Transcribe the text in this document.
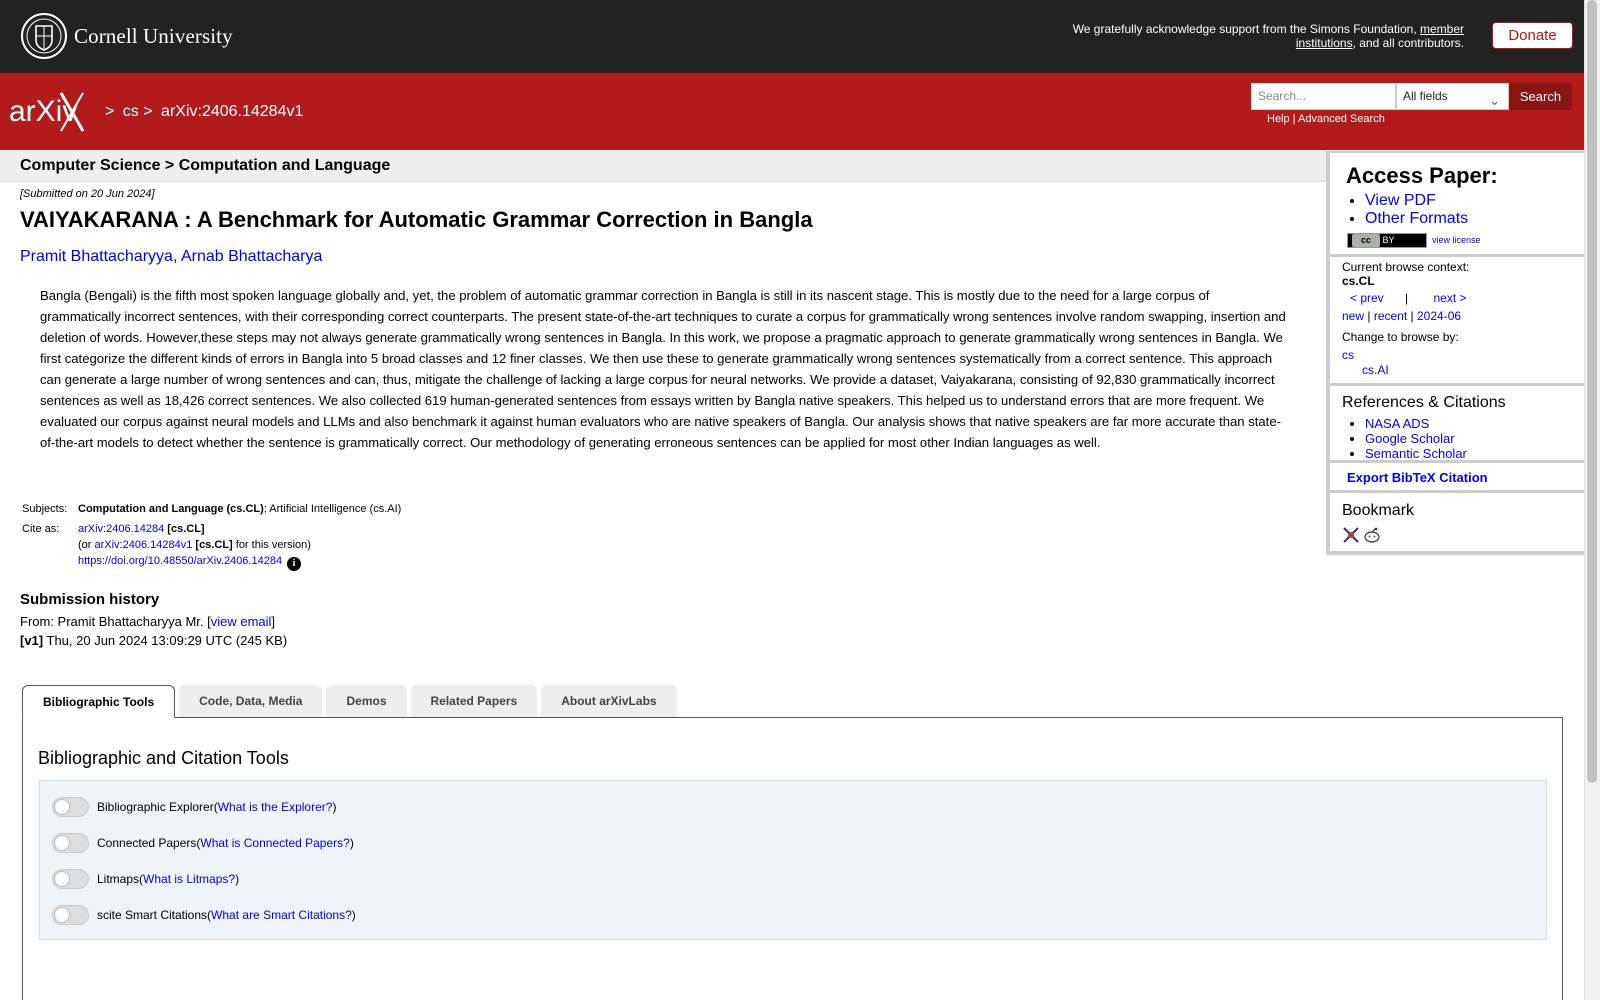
Cornell University	We gratefully acknowledge support from the Simons Foundation, member institutions, and all contributors.	Donate
arXiv > cs > arXiv:2406.14284v1
Search...	All fields	⌄	Search
Help | Advanced Search
Computer Science > Computation and Language
[Submitted on 20 Jun 2024]
VAIYAKARANA : A Benchmark for Automatic Grammar Correction in Bangla
Pramit Bhattacharyya, Arnab Bhattacharya
Bangla (Bengali) is the fifth most spoken language globally and, yet, the problem of automatic grammar correction in Bangla is still in its nascent stage. This is mostly due to the need for a large corpus of grammatically incorrect sentences, with their corresponding correct counterparts. The present state-of-the-art techniques to curate a corpus for grammatically wrong sentences involve random swapping, insertion and deletion of words. However,these steps may not always generate grammatically wrong sentences in Bangla. In this work, we propose a pragmatic approach to generate grammatically wrong sentences in Bangla. We first categorize the different kinds of errors in Bangla into 5 broad classes and 12 finer classes. We then use these to generate grammatically wrong sentences systematically from a correct sentence. This approach can generate a large number of wrong sentences and can, thus, mitigate the challenge of lacking a large corpus for neural networks. We provide a dataset, Vaiyakarana, consisting of 92,830 grammatically incorrect sentences as well as 18,426 correct sentences. We also collected 619 human-generated sentences from essays written by Bangla native speakers. This helped us to understand errors that are more frequent. We evaluated our corpus against neural models and LLMs and also benchmark it against human evaluators who are native speakers of Bangla. Our analysis shows that native speakers are far more accurate than state-of-the-art models to detect whether the sentence is grammatically correct. Our methodology of generating erroneous sentences can be applied for most other Indian languages as well.
Subjects:	Computation and Language (cs.CL); Artificial Intelligence (cs.AI)
Cite as:	arXiv:2406.14284 [cs.CL]
(or arXiv:2406.14284v1 [cs.CL] for this version)
https://doi.org/10.48550/arXiv.2406.14284 i
Submission history
From: Pramit Bhattacharyya Mr. [view email]
[v1] Thu, 20 Jun 2024 13:09:29 UTC (245 KB)
Access Paper:
• View PDF
• Other Formats
cc BY	view license
Current browse context:
cs.CL
< prev | next >
new | recent | 2024-06
Change to browse by:
cs
cs.AI
References & Citations
• NASA ADS
• Google Scholar
• Semantic Scholar
Export BibTeX Citation
Bookmark
Bibliographic Tools	Code, Data, Media	Demos	Related Papers	About arXivLabs
Bibliographic and Citation Tools
Bibliographic Explorer ( What is the Explorer? )
Connected Papers ( What is Connected Papers? )
Litmaps ( What is Litmaps? )
scite Smart Citations ( What are Smart Citations? )
